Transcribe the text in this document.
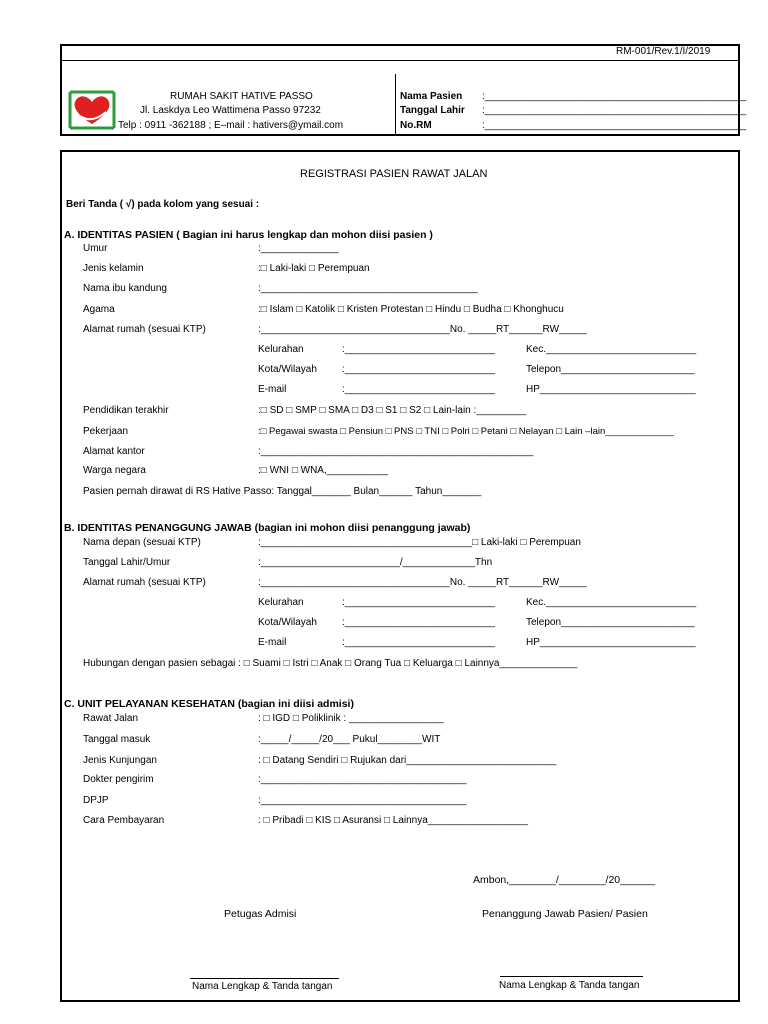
RM-001/Rev.1/I/2019
RUMAH SAKIT HATIVE PASSO
Jl. Laskdya Leo Wattimena Passo 97232
Telp : 0911 -362188 ; E–mail : hativers@ymail.com
Nama Pasien :_______________________________________________
Tanggal Lahir :_______________________________________________
No.RM	:_______________________________________________
REGISTRASI PASIEN RAWAT JALAN
Beri Tanda ( √) pada kolom yang sesuai :
A. IDENTITAS PASIEN ( Bagian ini harus lengkap dan mohon diisi pasien )
Umur	:______________
Jenis kelamin	:□ Laki-laki □ Perempuan
Nama ibu kandung	:_______________________________________
Agama	:□ Islam □ Katolik □ Kristen Protestan □ Hindu □ Budha □ Khonghucu
Alamat rumah (sesuai KTP)	:__________________________________No. _____RT______RW_____
Kelurahan	:___________________________	Kec.___________________________
Kota/Wilayah	:___________________________	Telepon________________________
E-mail	:___________________________	HP____________________________
Pendidikan terakhir	:□ SD □ SMP □ SMA □ D3 □ S1 □ S2 □ Lain-lain :_________
Pekerjaan	:□ Pegawai swasta □ Pensiun □ PNS □ TNI □ Polri □ Petani □ Nelayan □ Lain –lain_____________
Alamat kantor	:_________________________________________________
Warga negara	:□ WNI □ WNA,___________
Pasien pernah dirawat di RS Hative Passo: Tanggal_______ Bulan______ Tahun_______
B. IDENTITAS PENANGGUNG JAWAB (bagian ini mohon diisi penanggung jawab)
Nama depan (sesuai KTP)	:______________________________________□ Laki-laki □ Perempuan
Tanggal Lahir/Umur	:_________________________/_____________Thn
Alamat rumah (sesuai KTP)	:__________________________________No. _____RT______RW_____
Kelurahan	:___________________________	Kec.___________________________
Kota/Wilayah	:___________________________	Telepon________________________
E-mail	:___________________________	HP____________________________
Hubungan dengan pasien sebagai : □ Suami □ Istri □ Anak □ Orang Tua □ Keluarga □ Lainnya______________
C. UNIT PELAYANAN KESEHATAN (bagian ini diisi admisi)
Rawat Jalan	: □ IGD □ Poliklinik : _________________
Tanggal masuk	:_____/_____/20___ Pukul________WIT
Jenis Kunjungan	: □ Datang Sendiri □ Rujukan dari___________________________
Dokter pengirim	:_____________________________________
DPJP	:_____________________________________
Cara Pembayaran	: □ Pribadi □ KIS □ Asuransi □ Lainnya__________________
Ambon,________/________/20______
Petugas Admisi	Penanggung Jawab Pasien/ Pasien
Nama Lengkap & Tanda tangan	Nama Lengkap & Tanda tangan
